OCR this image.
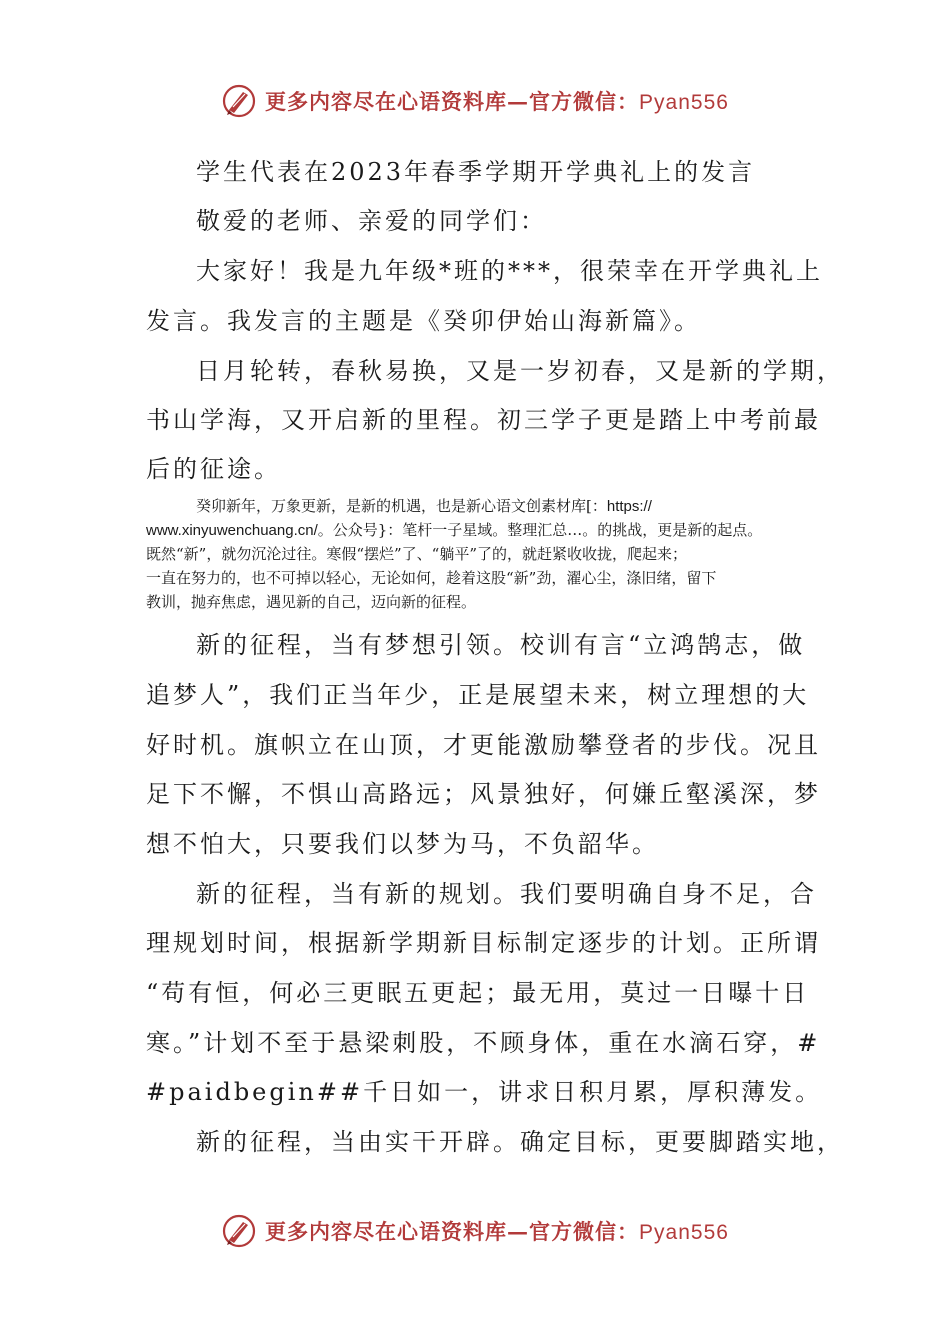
更多内容尽在心语资料库—官方微信：Pyan556
学生代表在2023年春季学期开学典礼上的发言
敬爱的老师、亲爱的同学们：
大家好！我是九年级*班的***，很荣幸在开学典礼上
发言。我发言的主题是《癸卯伊始山海新篇》。
日月轮转，春秋易换，又是一岁初春，又是新的学期，
书山学海，又开启新的里程。初三学子更是踏上中考前最
后的征途。
癸卯新年，万象更新，是新的机遇，也是新心语文创素材库[：https://
www.xinyuwenchuang.cn/。公众号}：笔杆一子星域。整理汇总…。的挑战，更是新的起点。
既然“新”，就勿沉沦过往。寒假“摆烂”了、“躺平”了的，就赶紧收收拢，爬起来；
一直在努力的，也不可掉以轻心，无论如何，趁着这股“新”劲，濯心尘，涤旧绪，留下
教训，抛弃焦虑，遇见新的自己，迈向新的征程。
新的征程，当有梦想引领。校训有言“立鸿鹄志，做
追梦人”，我们正当年少，正是展望未来，树立理想的大
好时机。旗帜立在山顶，才更能激励攀登者的步伐。况且
足下不懈，不惧山高路远；风景独好，何嫌丘壑溪深，梦
想不怕大，只要我们以梦为马，不负韶华。
新的征程，当有新的规划。我们要明确自身不足，合
理规划时间，根据新学期新目标制定逐步的计划。正所谓
“苟有恒，何必三更眠五更起；最无用，莫过一日曝十日
寒。”计划不至于悬梁刺股，不顾身体，重在水滴石穿，#
#paidbegin##千日如一，讲求日积月累，厚积薄发。
新的征程，当由实干开辟。确定目标，更要脚踏实地，
更多内容尽在心语资料库—官方微信：Pyan556
